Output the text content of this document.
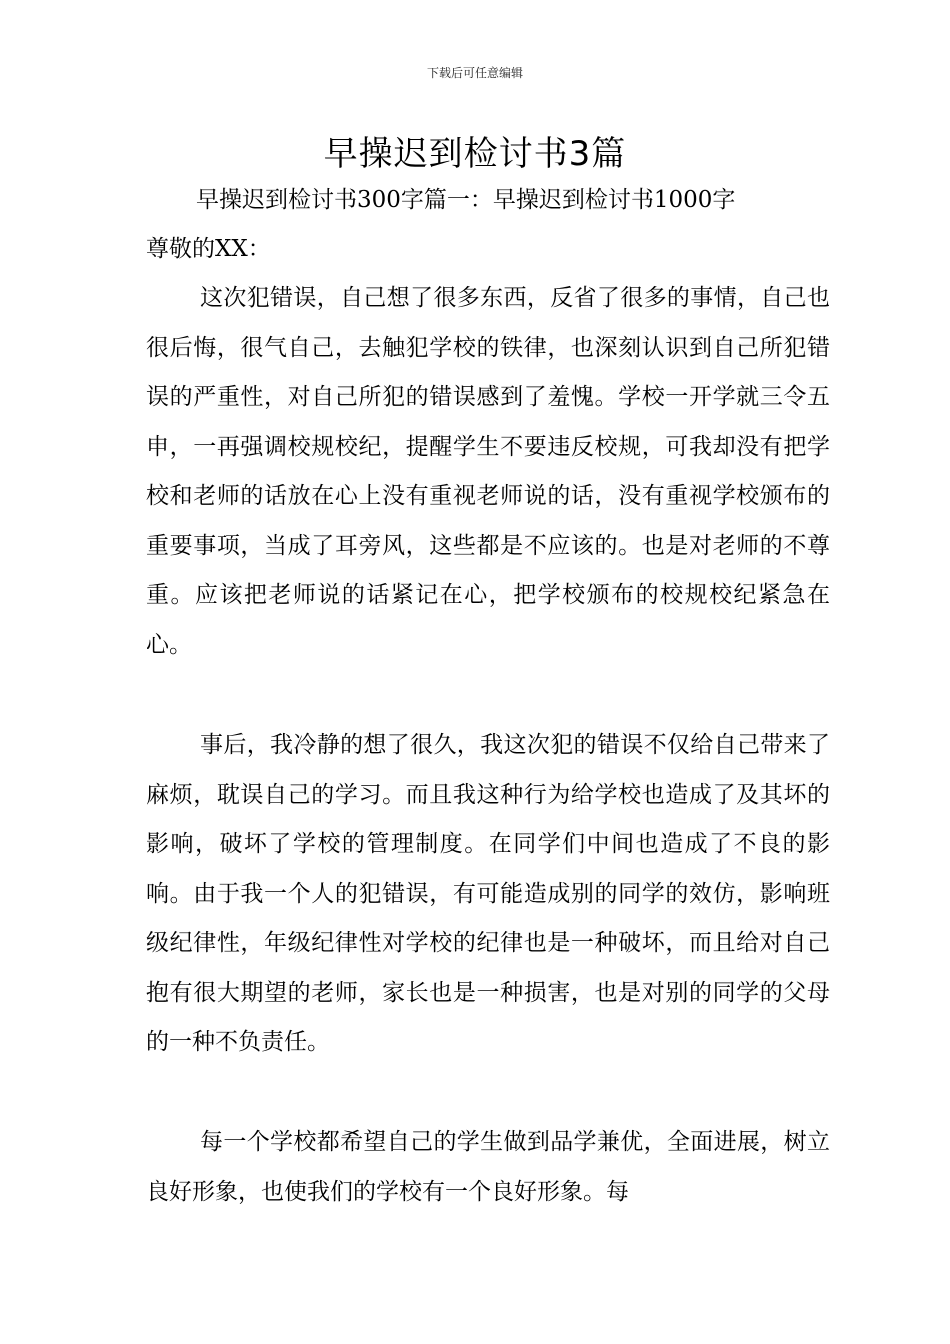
下载后可任意编辑
早操迟到检讨书3篇
早操迟到检讨书300字篇一：早操迟到检讨书1000字
尊敬的XX：

这次犯错误，自己想了很多东西，反省了很多的事情，自己也很后悔，很气自己，去触犯学校的铁律，也深刻认识到自己所犯错误的严重性，对自己所犯的错误感到了羞愧。学校一开学就三令五申，一再强调校规校纪，提醒学生不要违反校规，可我却没有把学校和老师的话放在心上没有重视老师说的话，没有重视学校颁布的重要事项，当成了耳旁风，这些都是不应该的。也是对老师的不尊重。应该把老师说的话紧记在心，把学校颁布的校规校纪紧急在心。

事后，我冷静的想了很久，我这次犯的错误不仅给自己带来了麻烦，耽误自己的学习。而且我这种行为给学校也造成了及其坏的影响，破坏了学校的管理制度。在同学们中间也造成了不良的影响。由于我一个人的犯错误，有可能造成别的同学的效仿，影响班级纪律性，年级纪律性对学校的纪律也是一种破坏，而且给对自己抱有很大期望的老师，家长也是一种损害，也是对别的同学的父母的一种不负责任。

每一个学校都希望自己的学生做到品学兼优，全面进展，树立良好形象，也使我们的学校有一个良好形象。每
